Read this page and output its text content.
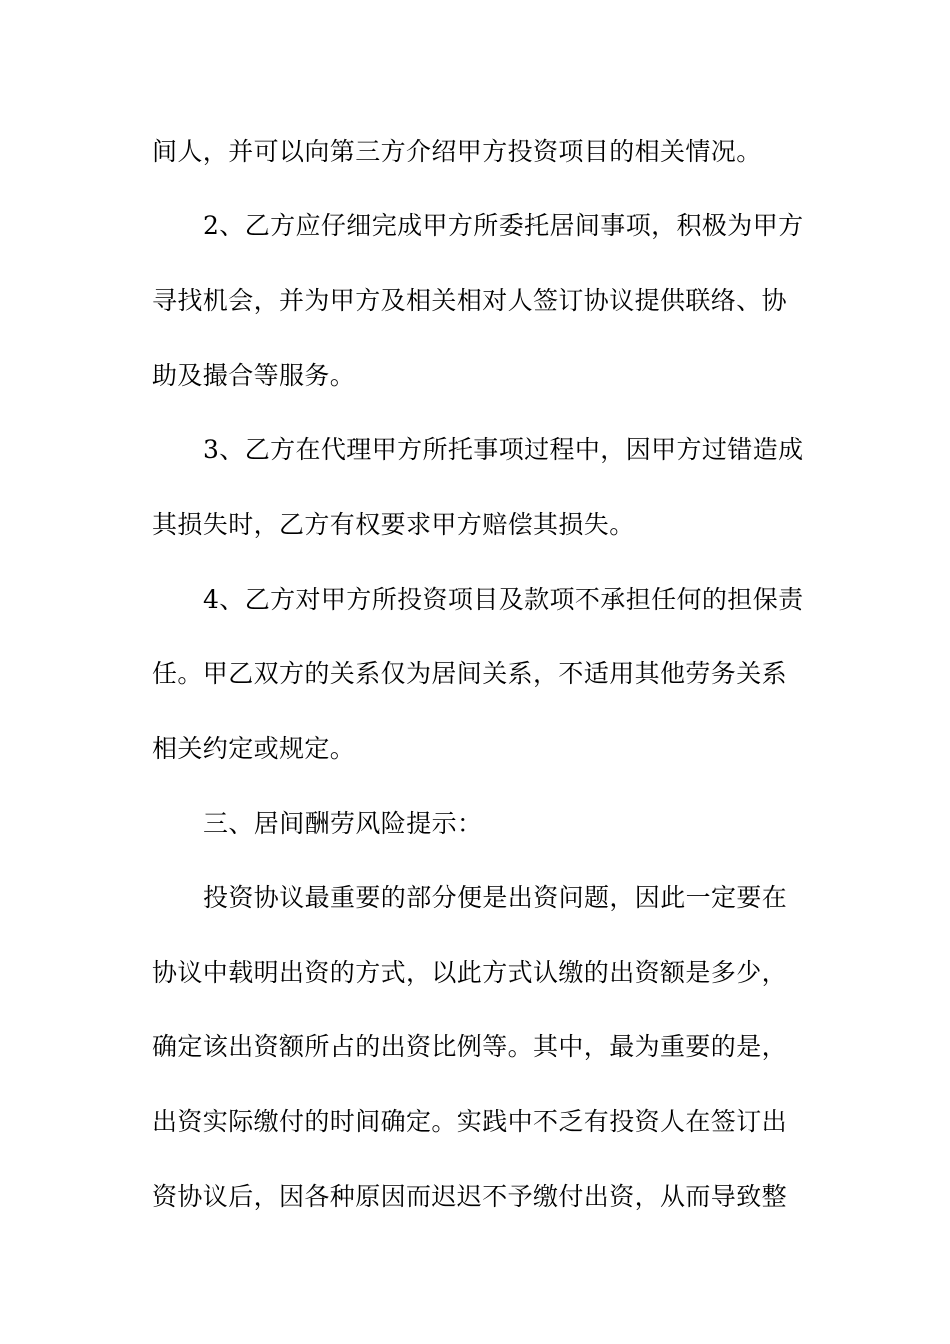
间人，并可以向第三方介绍甲方投资项目的相关情况。
2、乙方应仔细完成甲方所委托居间事项，积极为甲方
寻找机会，并为甲方及相关相对人签订协议提供联络、协
助及撮合等服务。
3、乙方在代理甲方所托事项过程中，因甲方过错造成
其损失时，乙方有权要求甲方赔偿其损失。
4、乙方对甲方所投资项目及款项不承担任何的担保责
任。甲乙双方的关系仅为居间关系，不适用其他劳务关系
相关约定或规定。
三、居间酬劳风险提示：
投资协议最重要的部分便是出资问题，因此一定要在
协议中载明出资的方式，以此方式认缴的出资额是多少，
确定该出资额所占的出资比例等。其中，最为重要的是，
出资实际缴付的时间确定。实践中不乏有投资人在签订出
资协议后，因各种原因而迟迟不予缴付出资，从而导致整
